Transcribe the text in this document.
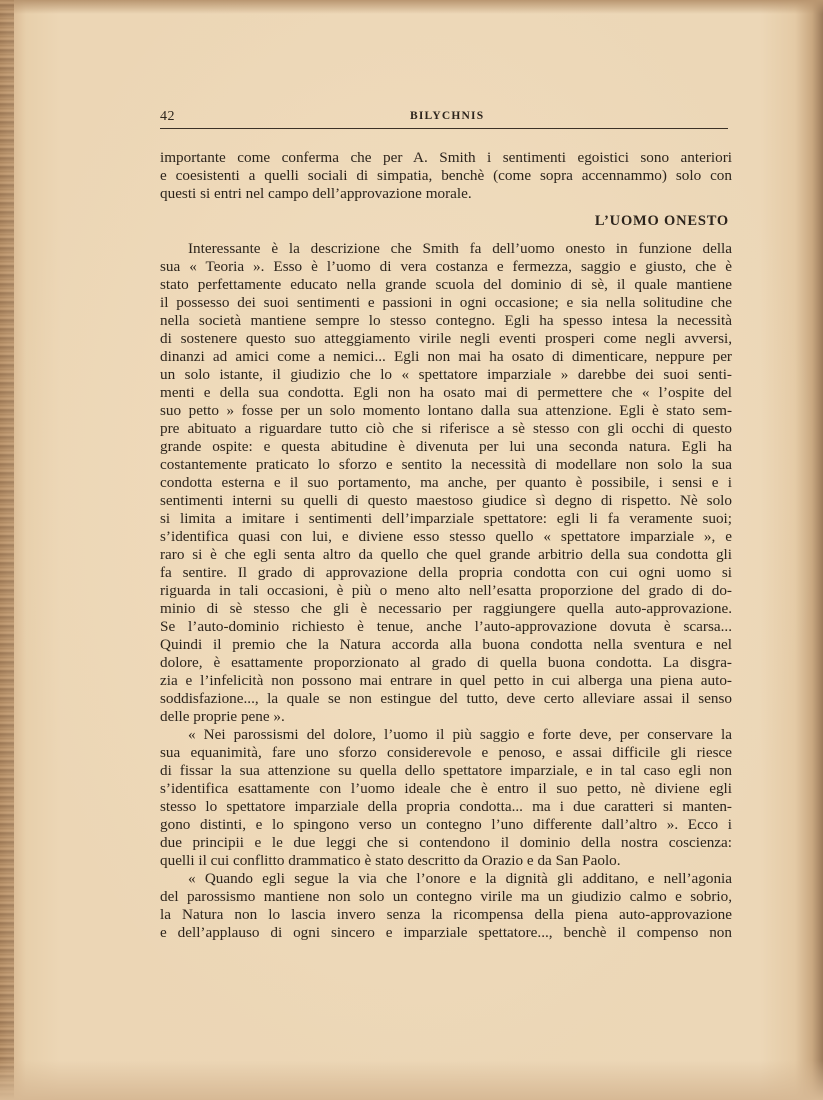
42	BILYCHNIS
importante come conferma che per A. Smith i sentimenti egoistici sono anteriori
e coesistenti a quelli sociali di simpatia, benchè (come sopra accennammo) solo con
questi si entri nel campo dell’approvazione morale.
L’UOMO ONESTO
Interessante è la descrizione che Smith fa dell’uomo onesto in funzione della
sua « Teoria ». Esso è l’uomo di vera costanza e fermezza, saggio e giusto, che è
stato perfettamente educato nella grande scuola del dominio di sè, il quale mantiene
il possesso dei suoi sentimenti e passioni in ogni occasione; e sia nella solitudine che
nella società mantiene sempre lo stesso contegno. Egli ha spesso intesa la necessità
di sostenere questo suo atteggiamento virile negli eventi prosperi come negli avversi,
dinanzi ad amici come a nemici... Egli non mai ha osato di dimenticare, neppure per
un solo istante, il giudizio che lo « spettatore imparziale » darebbe dei suoi senti-
menti e della sua condotta. Egli non ha osato mai di permettere che « l’ospite del
suo petto » fosse per un solo momento lontano dalla sua attenzione. Egli è stato sem-
pre abituato a riguardare tutto ciò che si riferisce a sè stesso con gli occhi di questo
grande ospite: e questa abitudine è divenuta per lui una seconda natura. Egli ha
costantemente praticato lo sforzo e sentito la necessità di modellare non solo la sua
condotta esterna e il suo portamento, ma anche, per quanto è possibile, i sensi e i
sentimenti interni su quelli di questo maestoso giudice sì degno di rispetto. Nè solo
si limita a imitare i sentimenti dell’imparziale spettatore: egli li fa veramente suoi;
s’identifica quasi con lui, e diviene esso stesso quello « spettatore imparziale », e
raro si è che egli senta altro da quello che quel grande arbitrio della sua condotta gli
fa sentire. Il grado di approvazione della propria condotta con cui ogni uomo si
riguarda in tali occasioni, è più o meno alto nell’esatta proporzione del grado di do-
minio di sè stesso che gli è necessario per raggiungere quella auto-approvazione.
Se l’auto-dominio richiesto è tenue, anche l’auto-approvazione dovuta è scarsa...
Quindi il premio che la Natura accorda alla buona condotta nella sventura e nel
dolore, è esattamente proporzionato al grado di quella buona condotta. La disgra-
zia e l’infelicità non possono mai entrare in quel petto in cui alberga una piena auto-
soddisfazione..., la quale se non estingue del tutto, deve certo alleviare assai il senso
delle proprie pene ».
« Nei parossismi del dolore, l’uomo il più saggio e forte deve, per conservare la
sua equanimità, fare uno sforzo considerevole e penoso, e assai difficile gli riesce
di fissar la sua attenzione su quella dello spettatore imparziale, e in tal caso egli non
s’identifica esattamente con l’uomo ideale che è entro il suo petto, nè diviene egli
stesso lo spettatore imparziale della propria condotta... ma i due caratteri si manten-
gono distinti, e lo spingono verso un contegno l’uno differente dall’altro ». Ecco i
due principii e le due leggi che si contendono il dominio della nostra coscienza:
quelli il cui conflitto drammatico è stato descritto da Orazio e da San Paolo.
« Quando egli segue la via che l’onore e la dignità gli additano, e nell’agonia
del parossismo mantiene non solo un contegno virile ma un giudizio calmo e sobrio,
la Natura non lo lascia invero senza la ricompensa della piena auto-approvazione
e dell’applauso di ogni sincero e imparziale spettatore..., benchè il compenso non
